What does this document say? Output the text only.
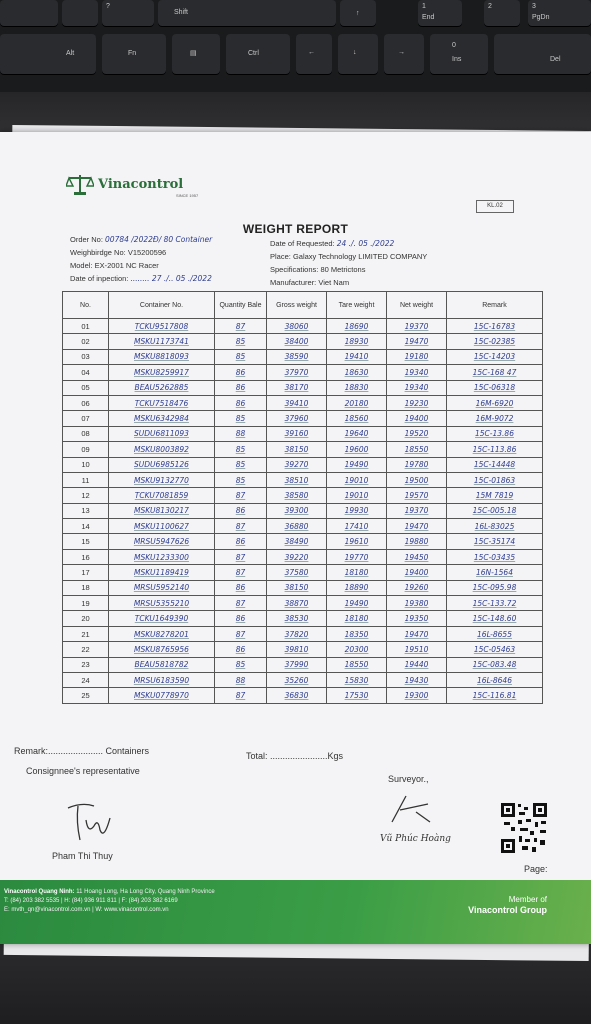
?
Shift	↑
1
End
2	3
PgDn
Alt	Fn	▤	Ctrl	←	↓	→
0
Ins	Del
Vinacontrol
SINCE 1957
KL.02
WEIGHT REPORT
Order No: 00784 /2022Đ/ 80 Container
Weighbirdge No: V15200596
Model: EX-2001 NC Racer
Date of inpection: ........ 27 ./.. 05 ./2022
Date of Requested: 24 ./. 05 ./2022
Place: Galaxy Technology LIMITED COMPANY
Specifications: 80 Metrictons
Manufacturer: Viet Nam
No.	Container No.	Quantity Bale	Gross weight	Tare weight	Net weight	Remark
01	TCKU9517808	87	38060	18690	19370	15C-16783
02	MSKU1173741	85	38400	18930	19470	15C-02385
03	MSKU8818093	85	38590	19410	19180	15C-14203
04	MSKU8259917	86	37970	18630	19340	15C-168 47
05	BEAU5262885	86	38170	18830	19340	15C-06318
06	TCKU7518476	86	39410	20180	19230	16M-6920
07	MSKU6342984	85	37960	18560	19400	16M-9072
08	SUDU6811093	88	39160	19640	19520	15C-13.86
09	MSKU8003892	85	38150	19600	18550	15C-113.86
10	SUDU6985126	85	39270	19490	19780	15C-14448
11	MSKU9132770	85	38510	19010	19500	15C-01863
12	TCKU7081859	87	38580	19010	19570	15M 7819
13	MSKU8130217	86	39300	19930	19370	15C-005.18
14	MSKU1100627	87	36880	17410	19470	16L-83025
15	MRSU5947626	86	38490	19610	19880	15C-35174
16	MSKU1233300	87	39220	19770	19450	15C-03435
17	MSKU1189419	87	37580	18180	19400	16N-1564
18	MRSU5952140	86	38150	18890	19260	15C-095.98
19	MRSU5355210	87	38870	19490	19380	15C-133.72
20	TCKU1649390	86	38530	18180	19350	15C-148.60
21	MSKU8278201	87	37820	18350	19470	16L-8655
22	MSKU8765956	86	39810	20300	19510	15C-05463
23	BEAU5818782	85	37990	18550	19440	15C-083.48
24	MRSU6183590	88	35260	15830	19430	16L-8646
25	MSKU0778970	87	36830	17530	19300	15C-116.81
Remark:...................... Containers	Total: .......................Kgs
Consignnee's representative
Surveyor.,
Pham Thi Thuy
Vũ Phúc Hoàng
Page:
Vinacontrol Quang Ninh: 11 Hoang Long, Ha Long City, Quang Ninh Province
T: (84) 203 382 5535 | H: (84) 936 911 811 | F: (84) 203 382 6169
E: mvth_qn@vinacontrol.com.vn | W: www.vinacontrol.com.vn
Member of
Vinacontrol Group
